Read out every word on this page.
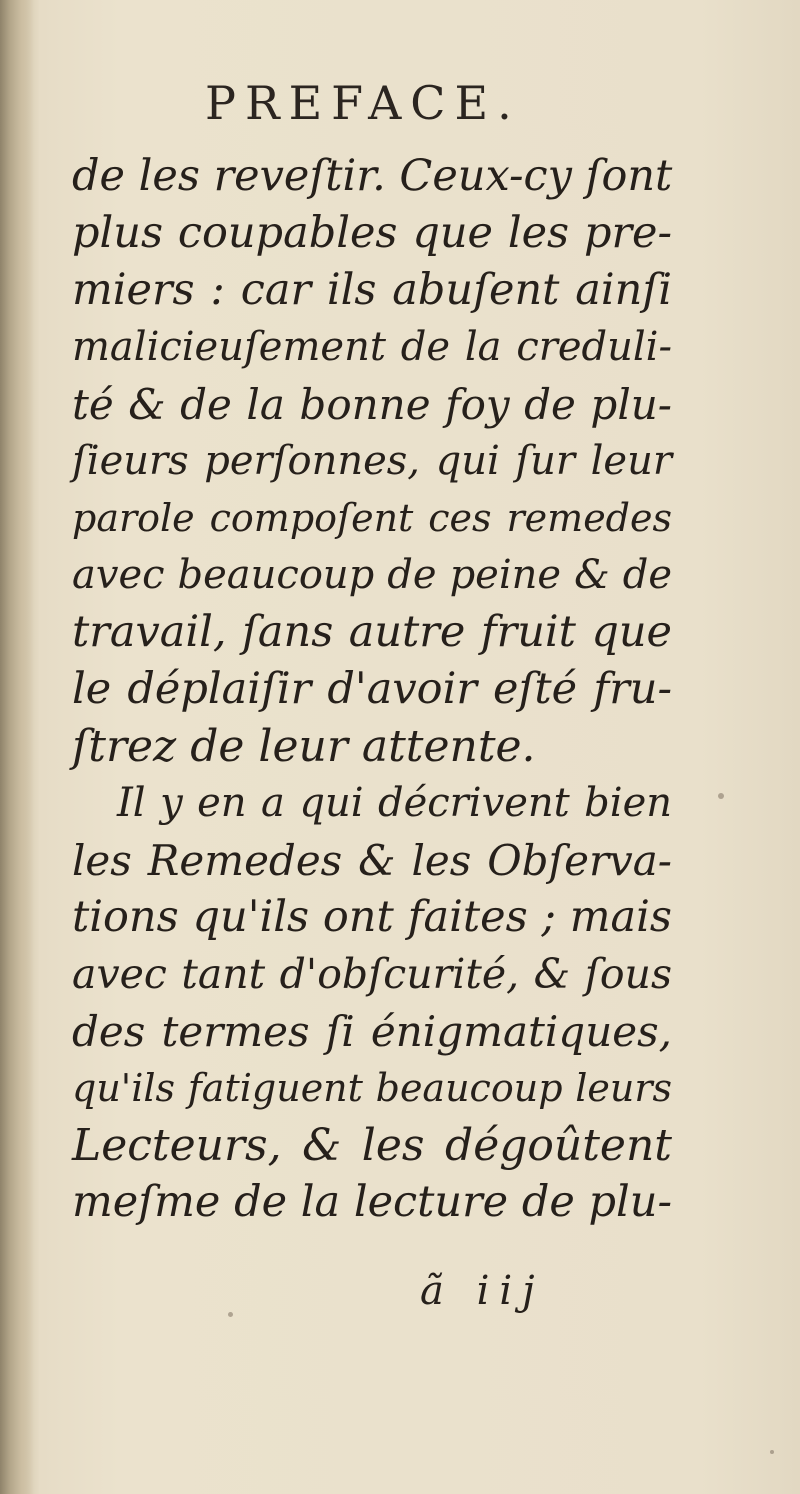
PREFACE.
de les reveſtir. Ceux-cy ſont
plus coupables que les pre-
miers : car ils abuſent ainſi
malicieuſement de la creduli-
té & de la bonne foy de plu-
ſieurs perſonnes, qui ſur leur
parole compoſent ces remedes
avec beaucoup de peine & de
travail, ſans autre fruit que
le déplaiſir d'avoir eſté fru-
ſtrez de leur attente.
Il y en a qui décrivent bien
les Remedes & les Obſerva-
tions qu'ils ont faites ; mais
avec tant d'obſcurité, & ſous
des termes ſi énigmatiques,
qu'ils fatiguent beaucoup leurs
Lecteurs, & les dégoûtent
meſme de la lecture de plu-
ã iij
